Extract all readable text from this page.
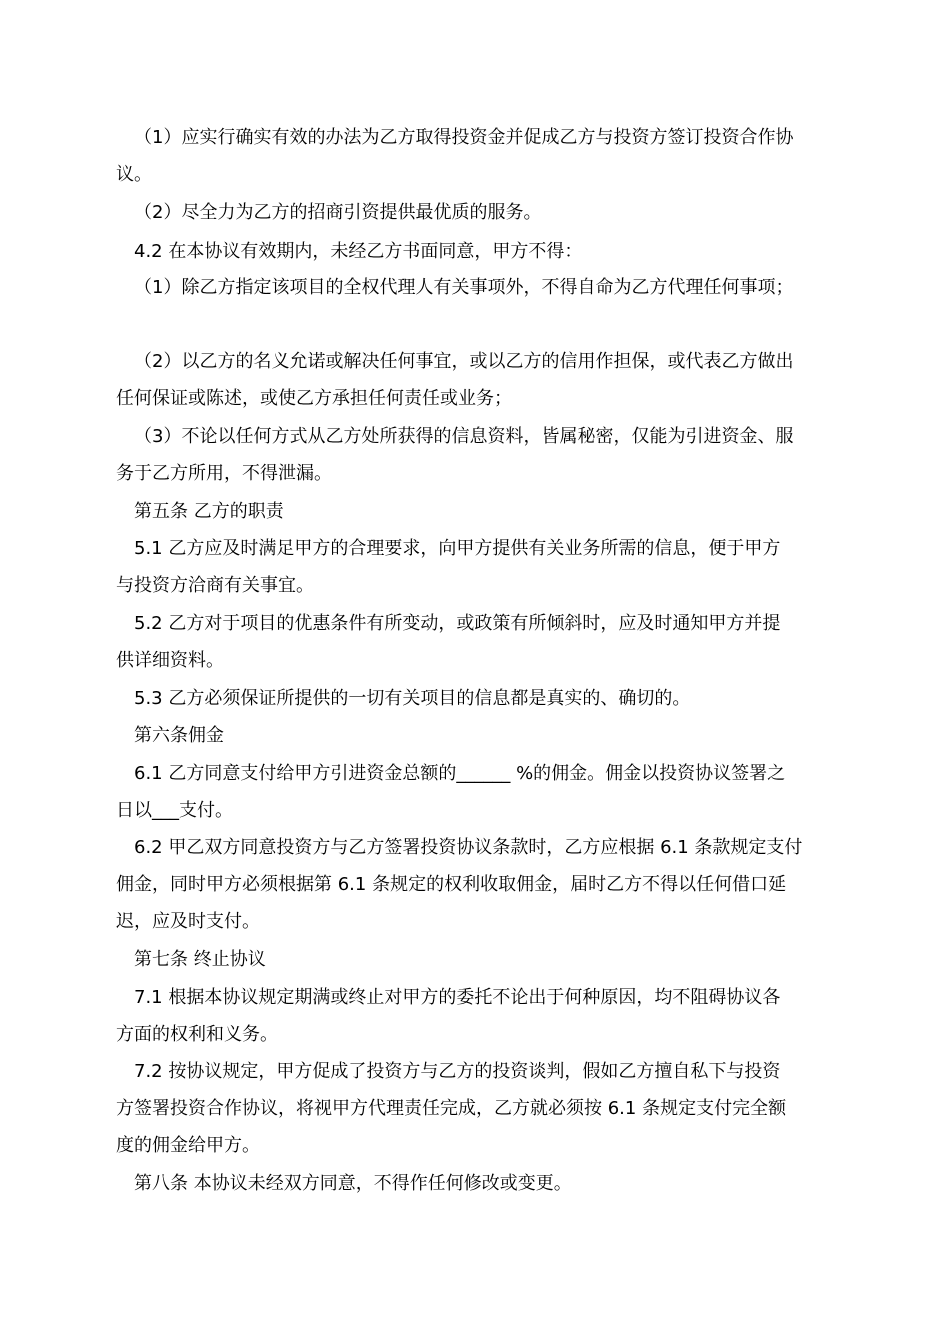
（1）应实行确实有效的办法为乙方取得投资金并促成乙方与投资方签订投资合作协
议。

（2）尽全力为乙方的招商引资提供最优质的服务。

4.2 在本协议有效期内，未经乙方书面同意，甲方不得：

（1）除乙方指定该项目的全权代理人有关事项外，不得自命为乙方代理任何事项；

（2）以乙方的名义允诺或解决任何事宜，或以乙方的信用作担保，或代表乙方做出
任何保证或陈述，或使乙方承担任何责任或业务；

（3）不论以任何方式从乙方处所获得的信息资料，皆属秘密，仅能为引进资金、服
务于乙方所用，不得泄漏。

第五条 乙方的职责

5.1 乙方应及时满足甲方的合理要求，向甲方提供有关业务所需的信息，便于甲方
与投资方洽商有关事宜。

5.2 乙方对于项目的优惠条件有所变动，或政策有所倾斜时，应及时通知甲方并提
供详细资料。

5.3 乙方必须保证所提供的一切有关项目的信息都是真实的、确切的。

第六条佣金

6.1 乙方同意支付给甲方引进资金总额的______ %的佣金。佣金以投资协议签署之
日以___支付。

6.2 甲乙双方同意投资方与乙方签署投资协议条款时，乙方应根据 6.1 条款规定支付
佣金，同时甲方必须根据第 6.1 条规定的权利收取佣金，届时乙方不得以任何借口延
迟，应及时支付。

第七条 终止协议

7.1 根据本协议规定期满或终止对甲方的委托不论出于何种原因，均不阻碍协议各
方面的权利和义务。

7.2 按协议规定，甲方促成了投资方与乙方的投资谈判，假如乙方擅自私下与投资
方签署投资合作协议，将视甲方代理责任完成，乙方就必须按 6.1 条规定支付完全额
度的佣金给甲方。

第八条 本协议未经双方同意，不得作任何修改或变更。
